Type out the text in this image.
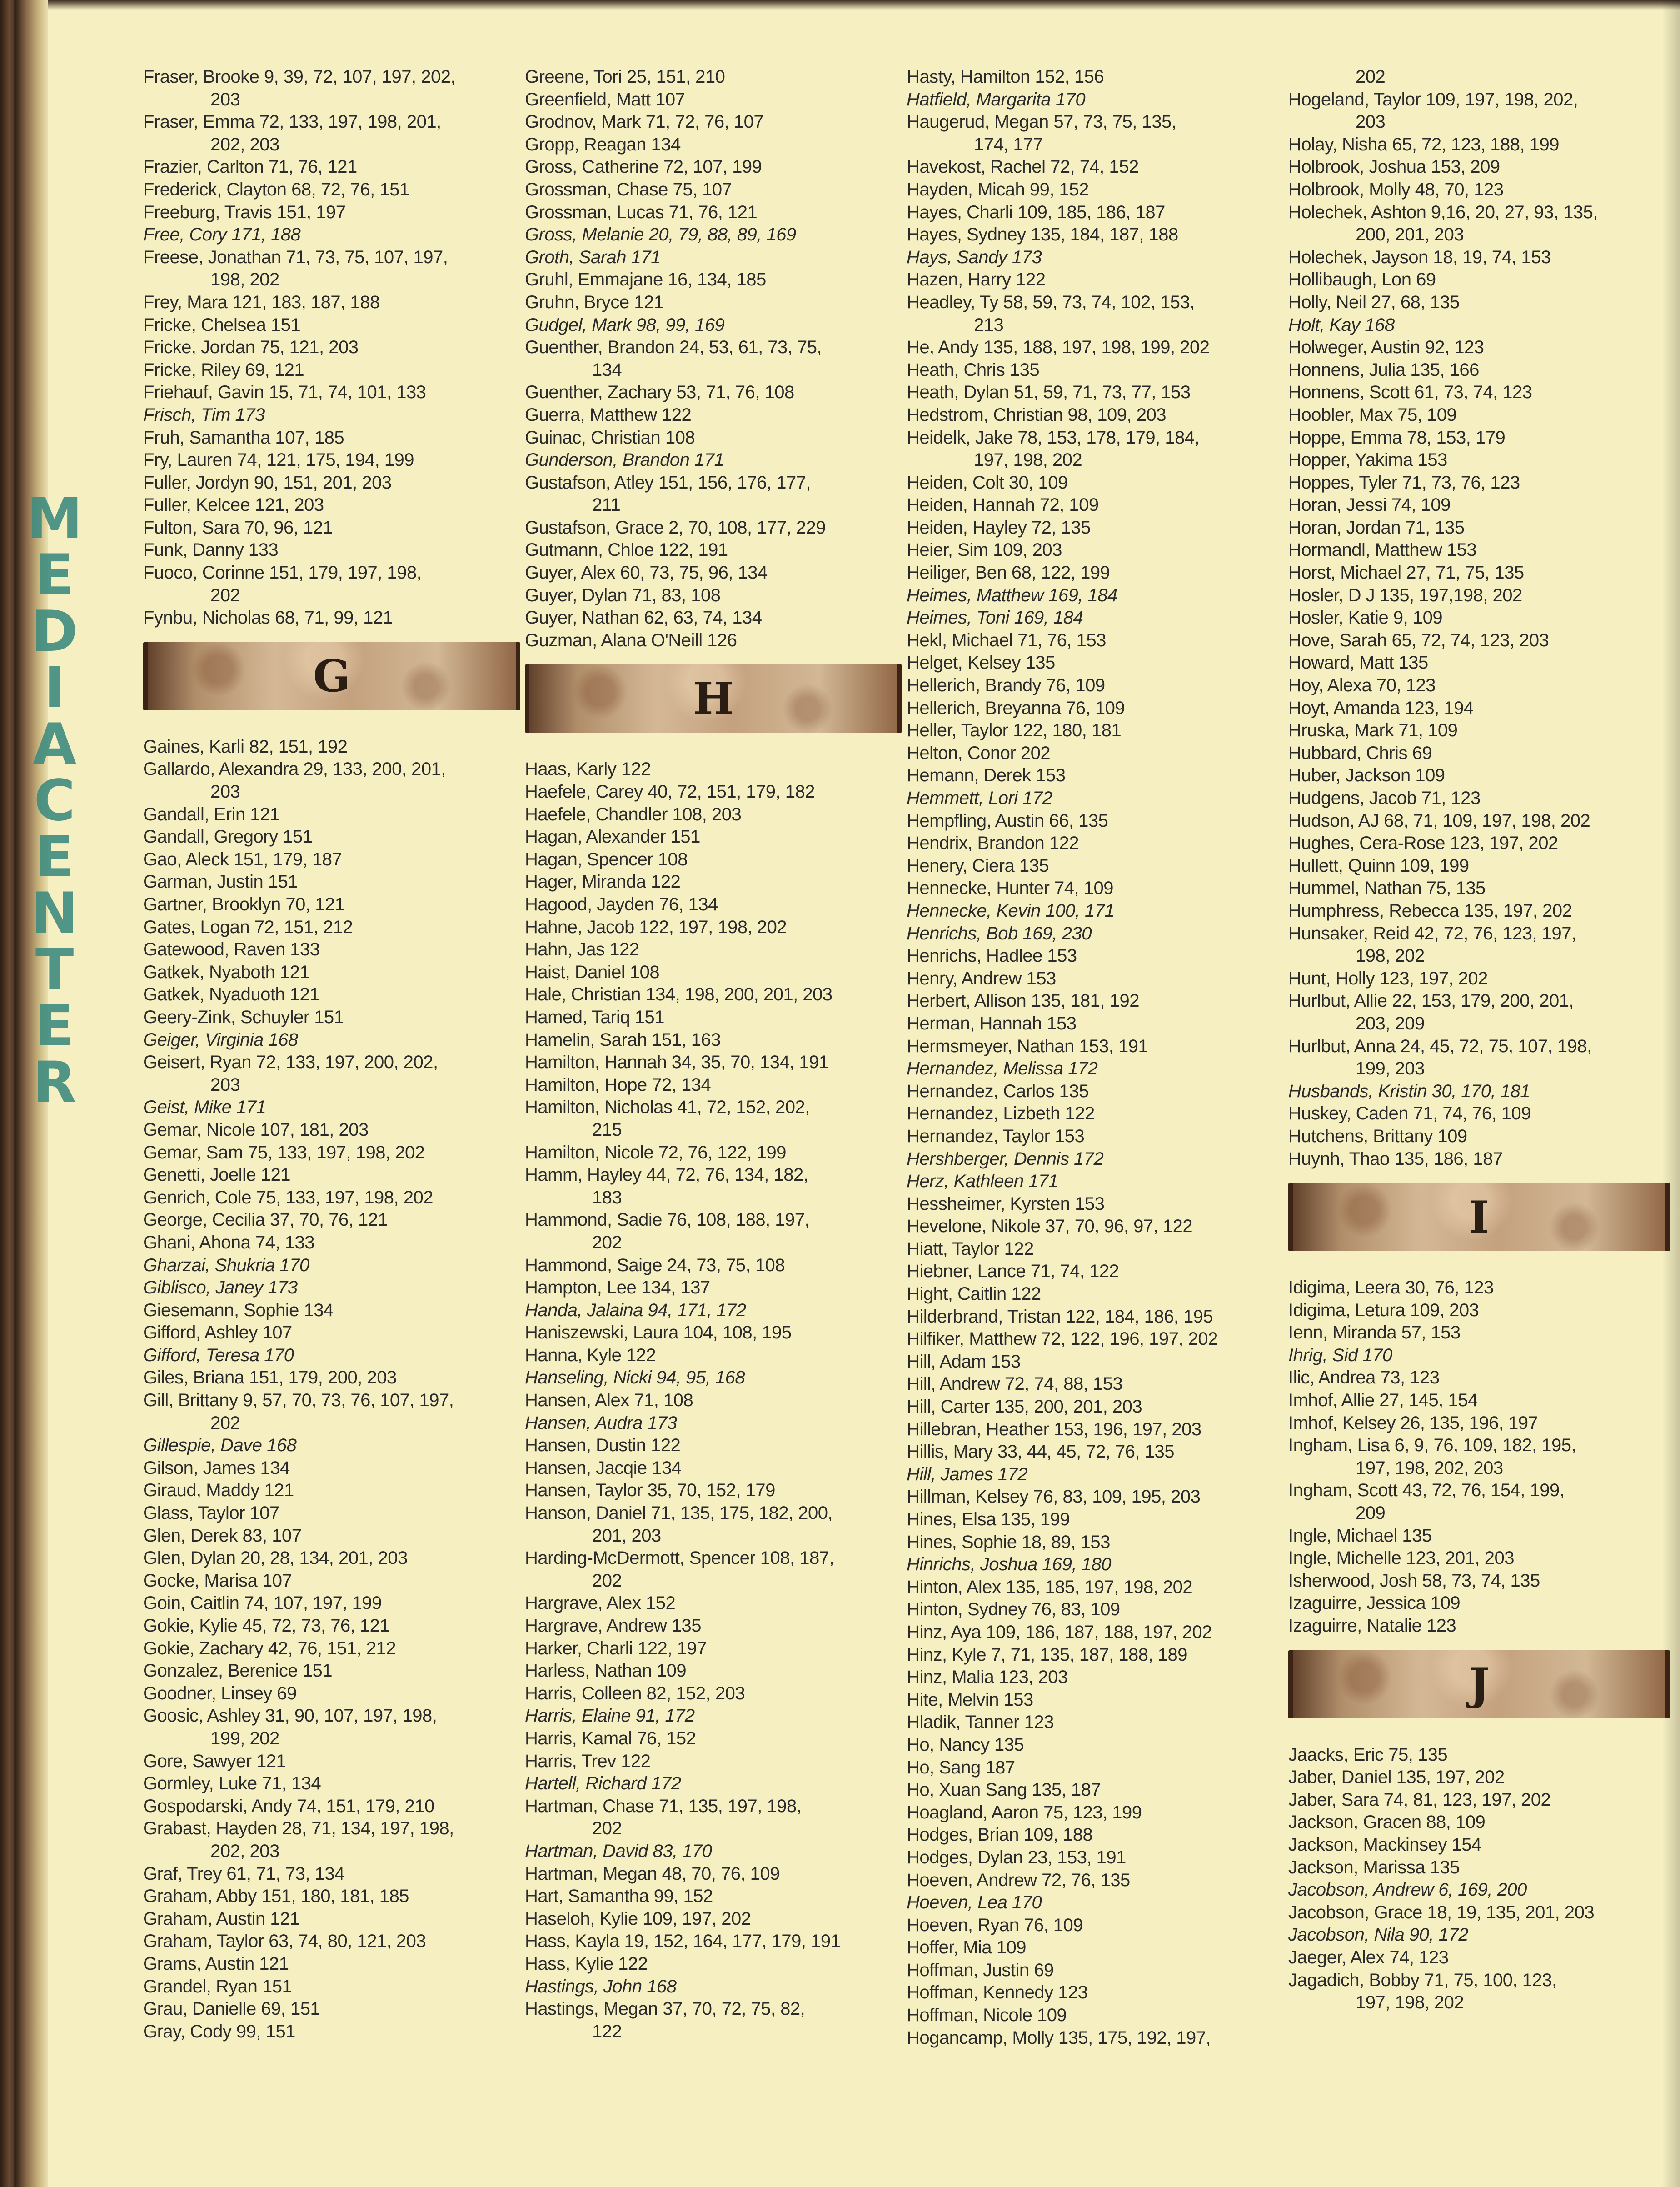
M
E
D
I
A
C
E
N
T
E
R
Fraser, Brooke 9, 39, 72, 107, 197, 202,
203
Fraser, Emma 72, 133, 197, 198, 201,
202, 203
Frazier, Carlton 71, 76, 121
Frederick, Clayton 68, 72, 76, 151
Freeburg, Travis 151, 197
Free, Cory 171, 188
Freese, Jonathan 71, 73, 75, 107, 197,
198, 202
Frey, Mara 121, 183, 187, 188
Fricke, Chelsea 151
Fricke, Jordan 75, 121, 203
Fricke, Riley 69, 121
Friehauf, Gavin 15, 71, 74, 101, 133
Frisch, Tim 173
Fruh, Samantha 107, 185
Fry, Lauren 74, 121, 175, 194, 199
Fuller, Jordyn 90, 151, 201, 203
Fuller, Kelcee 121, 203
Fulton, Sara 70, 96, 121
Funk, Danny 133
Fuoco, Corinne 151, 179, 197, 198,
202
Fynbu, Nicholas 68, 71, 99, 121
G
Gaines, Karli 82, 151, 192
Gallardo, Alexandra 29, 133, 200, 201,
203
Gandall, Erin 121
Gandall, Gregory 151
Gao, Aleck 151, 179, 187
Garman, Justin 151
Gartner, Brooklyn 70, 121
Gates, Logan 72, 151, 212
Gatewood, Raven 133
Gatkek, Nyaboth 121
Gatkek, Nyaduoth 121
Geery-Zink, Schuyler 151
Geiger, Virginia 168
Geisert, Ryan 72, 133, 197, 200, 202,
203
Geist, Mike 171
Gemar, Nicole 107, 181, 203
Gemar, Sam 75, 133, 197, 198, 202
Genetti, Joelle 121
Genrich, Cole 75, 133, 197, 198, 202
George, Cecilia 37, 70, 76, 121
Ghani, Ahona 74, 133
Gharzai, Shukria 170
Giblisco, Janey 173
Giesemann, Sophie 134
Gifford, Ashley 107
Gifford, Teresa 170
Giles, Briana 151, 179, 200, 203
Gill, Brittany 9, 57, 70, 73, 76, 107, 197,
202
Gillespie, Dave 168
Gilson, James 134
Giraud, Maddy 121
Glass, Taylor 107
Glen, Derek 83, 107
Glen, Dylan 20, 28, 134, 201, 203
Gocke, Marisa 107
Goin, Caitlin 74, 107, 197, 199
Gokie, Kylie 45, 72, 73, 76, 121
Gokie, Zachary 42, 76, 151, 212
Gonzalez, Berenice 151
Goodner, Linsey 69
Goosic, Ashley 31, 90, 107, 197, 198,
199, 202
Gore, Sawyer 121
Gormley, Luke 71, 134
Gospodarski, Andy 74, 151, 179, 210
Grabast, Hayden 28, 71, 134, 197, 198,
202, 203
Graf, Trey 61, 71, 73, 134
Graham, Abby 151, 180, 181, 185
Graham, Austin 121
Graham, Taylor 63, 74, 80, 121, 203
Grams, Austin 121
Grandel, Ryan 151
Grau, Danielle 69, 151
Gray, Cody 99, 151
Greene, Tori 25, 151, 210
Greenfield, Matt 107
Grodnov, Mark 71, 72, 76, 107
Gropp, Reagan 134
Gross, Catherine 72, 107, 199
Grossman, Chase 75, 107
Grossman, Lucas 71, 76, 121
Gross, Melanie 20, 79, 88, 89, 169
Groth, Sarah 171
Gruhl, Emmajane 16, 134, 185
Gruhn, Bryce 121
Gudgel, Mark 98, 99, 169
Guenther, Brandon 24, 53, 61, 73, 75,
134
Guenther, Zachary 53, 71, 76, 108
Guerra, Matthew 122
Guinac, Christian 108
Gunderson, Brandon 171
Gustafson, Atley 151, 156, 176, 177,
211
Gustafson, Grace 2, 70, 108, 177, 229
Gutmann, Chloe 122, 191
Guyer, Alex 60, 73, 75, 96, 134
Guyer, Dylan 71, 83, 108
Guyer, Nathan 62, 63, 74, 134
Guzman, Alana O'Neill 126
H
Haas, Karly 122
Haefele, Carey 40, 72, 151, 179, 182
Haefele, Chandler 108, 203
Hagan, Alexander 151
Hagan, Spencer 108
Hager, Miranda 122
Hagood, Jayden 76, 134
Hahne, Jacob 122, 197, 198, 202
Hahn, Jas 122
Haist, Daniel 108
Hale, Christian 134, 198, 200, 201, 203
Hamed, Tariq 151
Hamelin, Sarah 151, 163
Hamilton, Hannah 34, 35, 70, 134, 191
Hamilton, Hope 72, 134
Hamilton, Nicholas 41, 72, 152, 202,
215
Hamilton, Nicole 72, 76, 122, 199
Hamm, Hayley 44, 72, 76, 134, 182,
183
Hammond, Sadie 76, 108, 188, 197,
202
Hammond, Saige 24, 73, 75, 108
Hampton, Lee 134, 137
Handa, Jalaina 94, 171, 172
Haniszewski, Laura 104, 108, 195
Hanna, Kyle 122
Hanseling, Nicki 94, 95, 168
Hansen, Alex 71, 108
Hansen, Audra 173
Hansen, Dustin 122
Hansen, Jacqie 134
Hansen, Taylor 35, 70, 152, 179
Hanson, Daniel 71, 135, 175, 182, 200,
201, 203
Harding-McDermott, Spencer 108, 187,
202
Hargrave, Alex 152
Hargrave, Andrew 135
Harker, Charli 122, 197
Harless, Nathan 109
Harris, Colleen 82, 152, 203
Harris, Elaine 91, 172
Harris, Kamal 76, 152
Harris, Trev 122
Hartell, Richard 172
Hartman, Chase 71, 135, 197, 198,
202
Hartman, David 83, 170
Hartman, Megan 48, 70, 76, 109
Hart, Samantha 99, 152
Haseloh, Kylie 109, 197, 202
Hass, Kayla 19, 152, 164, 177, 179, 191
Hass, Kylie 122
Hastings, John 168
Hastings, Megan 37, 70, 72, 75, 82,
122
Hasty, Hamilton 152, 156
Hatfield, Margarita 170
Haugerud, Megan 57, 73, 75, 135,
174, 177
Havekost, Rachel 72, 74, 152
Hayden, Micah 99, 152
Hayes, Charli 109, 185, 186, 187
Hayes, Sydney 135, 184, 187, 188
Hays, Sandy 173
Hazen, Harry 122
Headley, Ty 58, 59, 73, 74, 102, 153,
213
He, Andy 135, 188, 197, 198, 199, 202
Heath, Chris 135
Heath, Dylan 51, 59, 71, 73, 77, 153
Hedstrom, Christian 98, 109, 203
Heidelk, Jake 78, 153, 178, 179, 184,
197, 198, 202
Heiden, Colt 30, 109
Heiden, Hannah 72, 109
Heiden, Hayley 72, 135
Heier, Sim 109, 203
Heiliger, Ben 68, 122, 199
Heimes, Matthew 169, 184
Heimes, Toni 169, 184
Hekl, Michael 71, 76, 153
Helget, Kelsey 135
Hellerich, Brandy 76, 109
Hellerich, Breyanna 76, 109
Heller, Taylor 122, 180, 181
Helton, Conor 202
Hemann, Derek 153
Hemmett, Lori 172
Hempfling, Austin 66, 135
Hendrix, Brandon 122
Henery, Ciera 135
Hennecke, Hunter 74, 109
Hennecke, Kevin 100, 171
Henrichs, Bob 169, 230
Henrichs, Hadlee 153
Henry, Andrew 153
Herbert, Allison 135, 181, 192
Herman, Hannah 153
Hermsmeyer, Nathan 153, 191
Hernandez, Melissa 172
Hernandez, Carlos 135
Hernandez, Lizbeth 122
Hernandez, Taylor 153
Hershberger, Dennis 172
Herz, Kathleen 171
Hessheimer, Kyrsten 153
Hevelone, Nikole 37, 70, 96, 97, 122
Hiatt, Taylor 122
Hiebner, Lance 71, 74, 122
Hight, Caitlin 122
Hilderbrand, Tristan 122, 184, 186, 195
Hilfiker, Matthew 72, 122, 196, 197, 202
Hill, Adam 153
Hill, Andrew 72, 74, 88, 153
Hill, Carter 135, 200, 201, 203
Hillebran, Heather 153, 196, 197, 203
Hillis, Mary 33, 44, 45, 72, 76, 135
Hill, James 172
Hillman, Kelsey 76, 83, 109, 195, 203
Hines, Elsa 135, 199
Hines, Sophie 18, 89, 153
Hinrichs, Joshua 169, 180
Hinton, Alex 135, 185, 197, 198, 202
Hinton, Sydney 76, 83, 109
Hinz, Aya 109, 186, 187, 188, 197, 202
Hinz, Kyle 7, 71, 135, 187, 188, 189
Hinz, Malia 123, 203
Hite, Melvin 153
Hladik, Tanner 123
Ho, Nancy 135
Ho, Sang 187
Ho, Xuan Sang 135, 187
Hoagland, Aaron 75, 123, 199
Hodges, Brian 109, 188
Hodges, Dylan 23, 153, 191
Hoeven, Andrew 72, 76, 135
Hoeven, Lea 170
Hoeven, Ryan 76, 109
Hoffer, Mia 109
Hoffman, Justin 69
Hoffman, Kennedy 123
Hoffman, Nicole 109
Hogancamp, Molly 135, 175, 192, 197,
202
Hogeland, Taylor 109, 197, 198, 202,
203
Holay, Nisha 65, 72, 123, 188, 199
Holbrook, Joshua 153, 209
Holbrook, Molly 48, 70, 123
Holechek, Ashton 9,16, 20, 27, 93, 135,
200, 201, 203
Holechek, Jayson 18, 19, 74, 153
Hollibaugh, Lon 69
Holly, Neil 27, 68, 135
Holt, Kay 168
Holweger, Austin 92, 123
Honnens, Julia 135, 166
Honnens, Scott 61, 73, 74, 123
Hoobler, Max 75, 109
Hoppe, Emma 78, 153, 179
Hopper, Yakima 153
Hoppes, Tyler 71, 73, 76, 123
Horan, Jessi 74, 109
Horan, Jordan 71, 135
Hormandl, Matthew 153
Horst, Michael 27, 71, 75, 135
Hosler, D J 135, 197,198, 202
Hosler, Katie 9, 109
Hove, Sarah 65, 72, 74, 123, 203
Howard, Matt 135
Hoy, Alexa 70, 123
Hoyt, Amanda 123, 194
Hruska, Mark 71, 109
Hubbard, Chris 69
Huber, Jackson 109
Hudgens, Jacob 71, 123
Hudson, AJ 68, 71, 109, 197, 198, 202
Hughes, Cera-Rose 123, 197, 202
Hullett, Quinn 109, 199
Hummel, Nathan 75, 135
Humphress, Rebecca 135, 197, 202
Hunsaker, Reid 42, 72, 76, 123, 197,
198, 202
Hunt, Holly 123, 197, 202
Hurlbut, Allie 22, 153, 179, 200, 201,
203, 209
Hurlbut, Anna 24, 45, 72, 75, 107, 198,
199, 203
Husbands, Kristin 30, 170, 181
Huskey, Caden 71, 74, 76, 109
Hutchens, Brittany 109
Huynh, Thao 135, 186, 187
I
Idigima, Leera 30, 76, 123
Idigima, Letura 109, 203
Ienn, Miranda 57, 153
Ihrig, Sid 170
Ilic, Andrea 73, 123
Imhof, Allie 27, 145, 154
Imhof, Kelsey 26, 135, 196, 197
Ingham, Lisa 6, 9, 76, 109, 182, 195,
197, 198, 202, 203
Ingham, Scott 43, 72, 76, 154, 199,
209
Ingle, Michael 135
Ingle, Michelle 123, 201, 203
Isherwood, Josh 58, 73, 74, 135
Izaguirre, Jessica 109
Izaguirre, Natalie 123
J
Jaacks, Eric 75, 135
Jaber, Daniel 135, 197, 202
Jaber, Sara 74, 81, 123, 197, 202
Jackson, Gracen 88, 109
Jackson, Mackinsey 154
Jackson, Marissa 135
Jacobson, Andrew 6, 169, 200
Jacobson, Grace 18, 19, 135, 201, 203
Jacobson, Nila 90, 172
Jaeger, Alex 74, 123
Jagadich, Bobby 71, 75, 100, 123,
197, 198, 202
